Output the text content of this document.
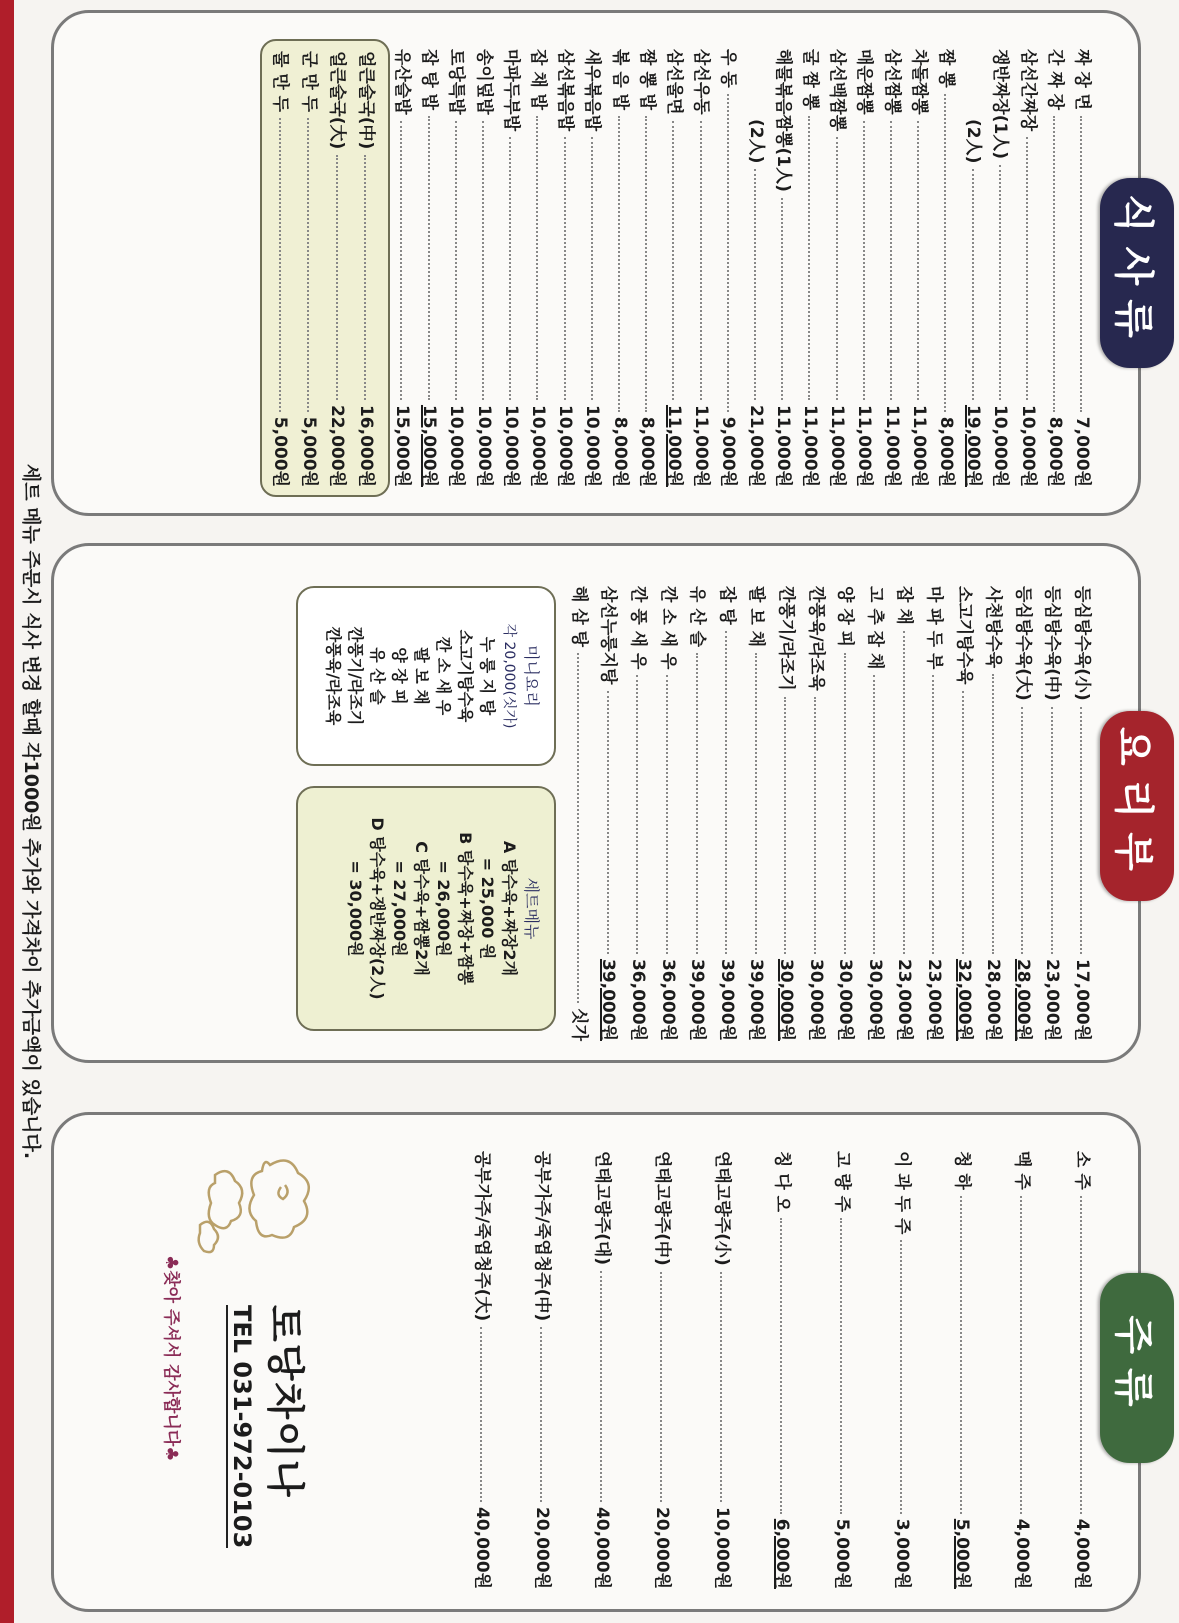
식사류
짜 장 면
7,000원
간 짜 장
8,000원
삼선간짜장
10,000원
쟁반짜장(1人)
10,000원
(2人)
19,000원
짬 뽕
8,000원
차돌짬뽕
11,000원
삼선짬뽕
11,000원
매운짬뽕
11,000원
삼선백짬뽕
11,000원
굴 짬 뽕
11,000원
해물볶음짬뽕(1人)
11,000원
(2人)
21,000원
우 동
9,000원
삼선우동
11,000원
삼선울면
11,000원
짬 뽕 밥
8,000원
볶 음 밥
8,000원
새우볶음밥
10,000원
삼선볶음밥
10,000원
잡 채 밥
10,000원
마파두부밥
10,000원
송이덮밥
10,000원
토당특밥
10,000원
잡 탕 밥
15,000원
유산슬밥
15,000원
얼큰술국(中)
16,000원
얼큰술국(大)
22,000원
군 만 두
5,000원
물 만 두
5,000원
요리부
등심탕수육(小)
17,000원
등심탕수육(中)
23,000원
등심탕수육(大)
28,000원
사천탕수육
28,000원
소고기탕수육
32,000원
마 파 두 부
23,000원
잡 채
23,000원
고 추 잡 채
30,000원
양 장 피
30,000원
깐풍육/라조육
30,000원
깐풍기/라조기
30,000원
팔 보 채
39,000원
잡 탕
39,000원
유 산 슬
39,000원
깐 소 새 우
36,000원
깐 풍 새 우
36,000원
삼선누룽지탕
39,000원
해 삼 탕
싯가
미니요리
각 20,000(싯가)
누 룽 지 탕
소고기탕수육
깐 소 새 우
팔 보 채
양 장 피
유 산 슬
깐풍기/라조기
깐풍육/라조육
세트메뉴
A 탕수육+짜장2개
= 25,000 원
B 탕수육+짜장+짬뽕
= 26,000원
C 탕수육+짬뽕2개
= 27,000원
D 탕수육+쟁반짜장(2人)
= 30,000원
주류
소 주
4,000원
맥 주
4,000원
청 하
5,000원
이 과 두 주
3,000원
고 량 주
5,000원
칭 다 오
6,000원
연태고량주(小)
10,000원
연태고량주(中)
20,000원
연태고량주(대)
40,000원
공부가주/죽엽청주(中)
20,000원
공부가주/죽엽청주(大)
40,000원
토당차이나
TEL 031-972-0103
♣찾아 주셔서 감사합니다♣
세트 메뉴 주문시 식사 변경 할때 각1000원 추가와 가격차이 추가금액이 있습니다.
